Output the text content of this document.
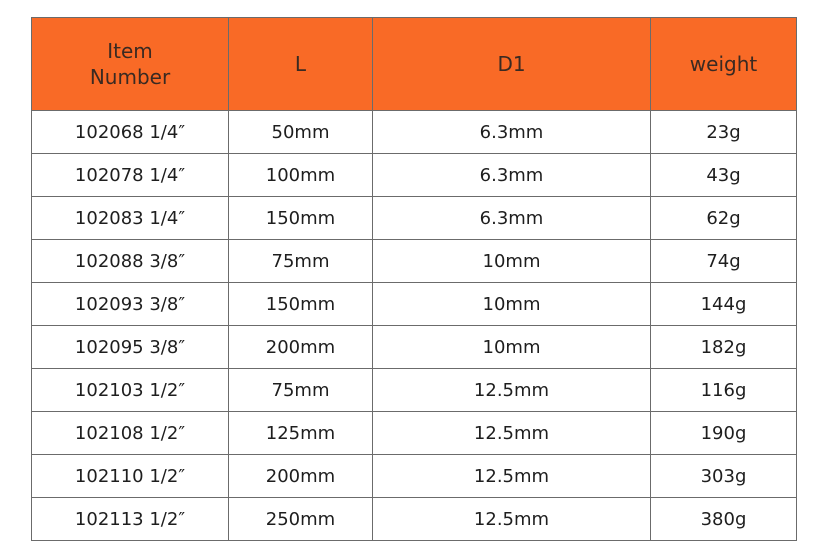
Item
Number	L	D1	weight

102068 1/4″	50mm	6.3mm	23g
102078 1/4″	100mm	6.3mm	43g
102083 1/4″	150mm	6.3mm	62g
102088 3/8″	75mm	10mm	74g
102093 3/8″	150mm	10mm	144g
102095 3/8″	200mm	10mm	182g
102103 1/2″	75mm	12.5mm	116g
102108 1/2″	125mm	12.5mm	190g
102110 1/2″	200mm	12.5mm	303g
102113 1/2″	250mm	12.5mm	380g
